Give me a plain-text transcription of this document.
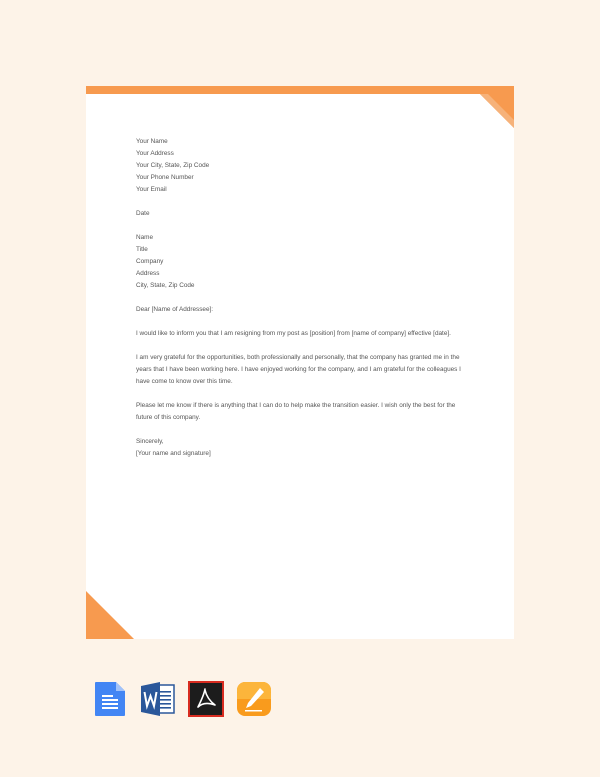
Your Name
Your Address
Your City, State, Zip Code
Your Phone Number
Your Email
Date
Name
Title
Company
Address
City, State, Zip Code
Dear [Name of Addressee]:
I would like to inform you that I am resigning from my post as [position] from [name of company] effective [date].
I am very grateful for the opportunities, both professionally and personally, that the company has granted me in the years that I have been working here. I have enjoyed working for the company, and I am grateful for the colleagues I have come to know over this time.
Please let me know if there is anything that I can do to help make the transition easier. I wish only the best for the future of this company.
Sincerely,
[Your name and signature]
